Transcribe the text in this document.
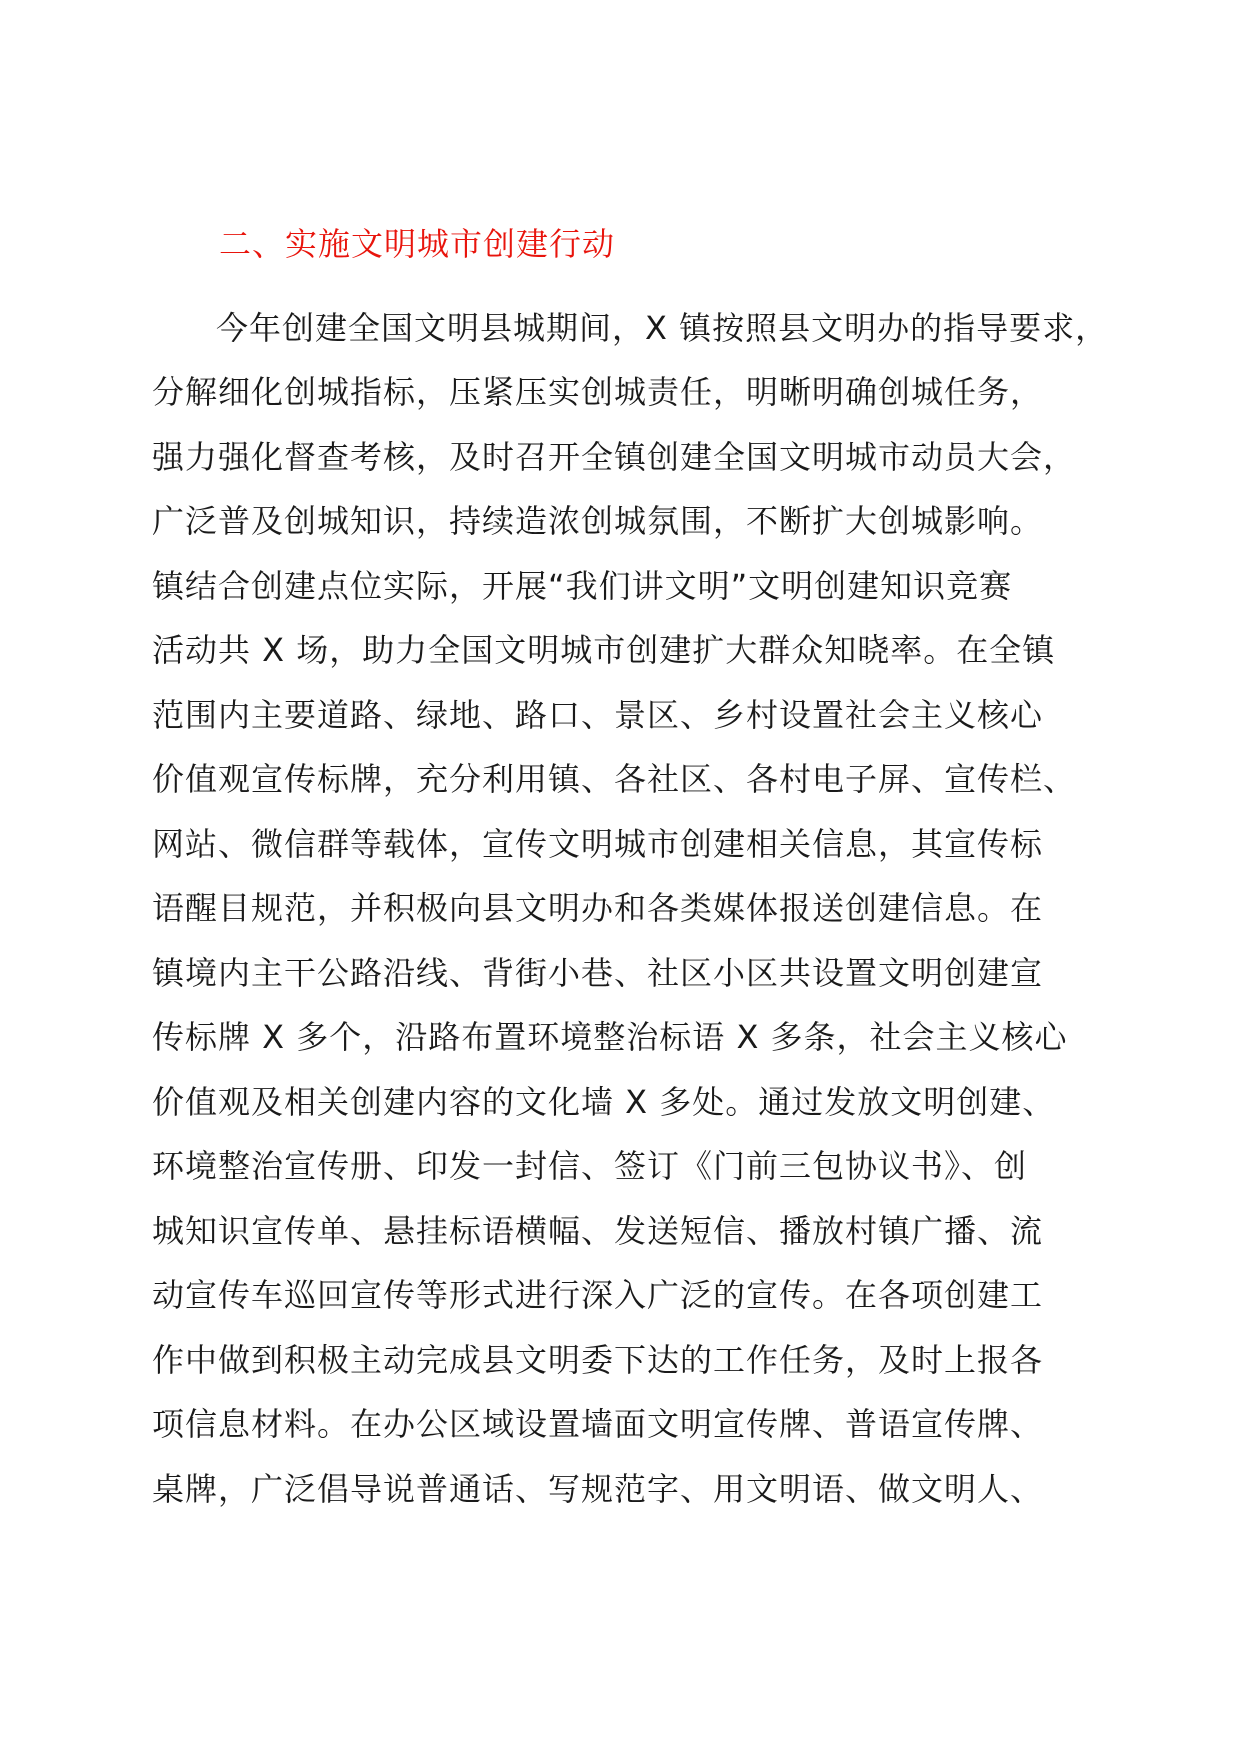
二、实施文明城市创建行动
今年创建全国文明县城期间，X 镇按照县文明办的指导要求，
分解细化创城指标，压紧压实创城责任，明晰明确创城任务，
强力强化督查考核，及时召开全镇创建全国文明城市动员大会，
广泛普及创城知识，持续造浓创城氛围，不断扩大创城影响。
镇结合创建点位实际，开展“我们讲文明”文明创建知识竞赛
活动共 X 场，助力全国文明城市创建扩大群众知晓率。在全镇
范围内主要道路、绿地、路口、景区、乡村设置社会主义核心
价值观宣传标牌，充分利用镇、各社区、各村电子屏、宣传栏、
网站、微信群等载体，宣传文明城市创建相关信息，其宣传标
语醒目规范，并积极向县文明办和各类媒体报送创建信息。在
镇境内主干公路沿线、背街小巷、社区小区共设置文明创建宣
传标牌 X 多个，沿路布置环境整治标语 X 多条，社会主义核心
价值观及相关创建内容的文化墙 X 多处。通过发放文明创建、
环境整治宣传册、印发一封信、签订《门前三包协议书》、创
城知识宣传单、悬挂标语横幅、发送短信、播放村镇广播、流
动宣传车巡回宣传等形式进行深入广泛的宣传。在各项创建工
作中做到积极主动完成县文明委下达的工作任务，及时上报各
项信息材料。在办公区域设置墙面文明宣传牌、普语宣传牌、
桌牌，广泛倡导说普通话、写规范字、用文明语、做文明人、
